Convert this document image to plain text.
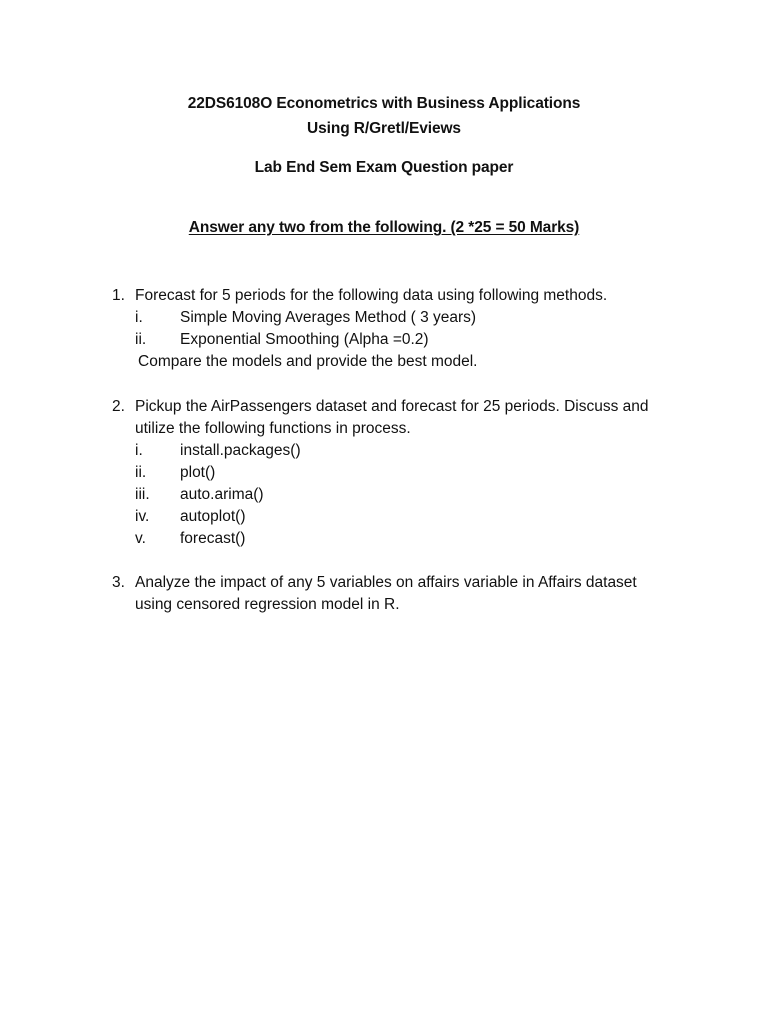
22DS6108O Econometrics with Business Applications
Using R/Gretl/Eviews
Lab End Sem Exam Question paper
Answer any two from the following. (2 *25 = 50 Marks)
1. Forecast for 5 periods for the following data using following methods.
i. Simple Moving Averages Method ( 3 years)
ii. Exponential Smoothing (Alpha =0.2)
Compare the models and provide the best model.
2. Pickup the AirPassengers dataset and forecast for 25 periods. Discuss and
utilize the following functions in process.
i. install.packages()
ii. plot()
iii. auto.arima()
iv. autoplot()
v. forecast()
3. Analyze the impact of any 5 variables on affairs variable in Affairs dataset
using censored regression model in R.
